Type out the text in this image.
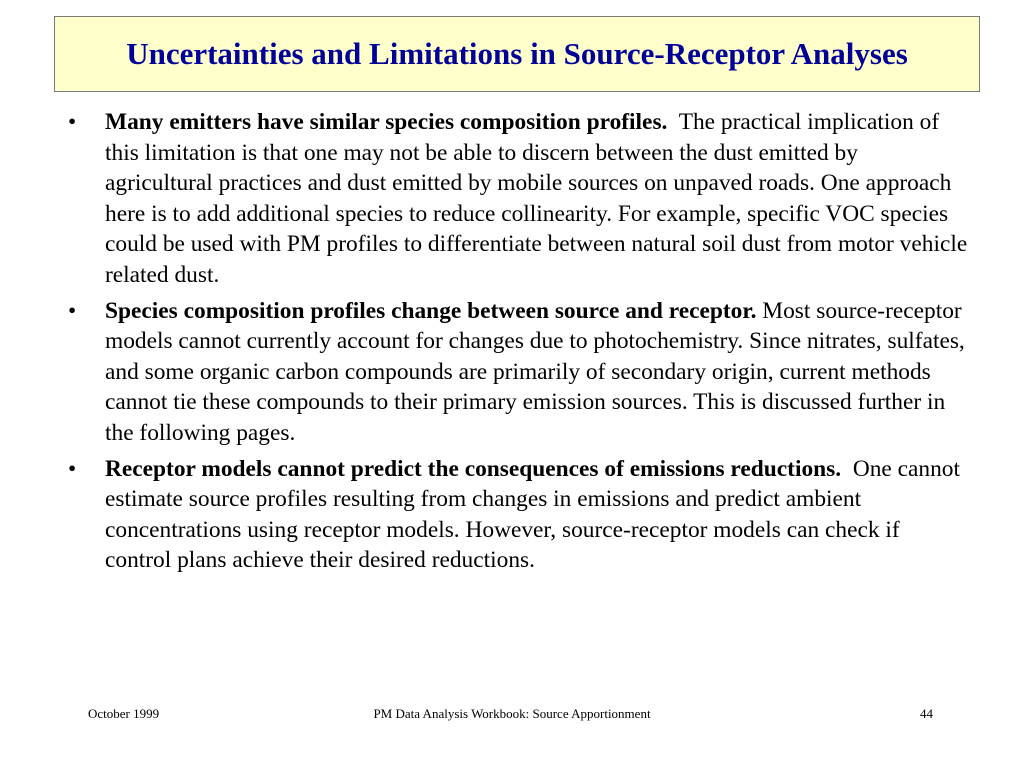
Uncertainties and Limitations in Source-Receptor Analyses
• Many emitters have similar species composition profiles. The practical implication of this limitation is that one may not be able to discern between the dust emitted by agricultural practices and dust emitted by mobile sources on unpaved roads. One approach here is to add additional species to reduce collinearity. For example, specific VOC species could be used with PM profiles to differentiate between natural soil dust from motor vehicle related dust.
• Species composition profiles change between source and receptor. Most source-receptor models cannot currently account for changes due to photochemistry. Since nitrates, sulfates, and some organic carbon compounds are primarily of secondary origin, current methods cannot tie these compounds to their primary emission sources. This is discussed further in the following pages.
• Receptor models cannot predict the consequences of emissions reductions. One cannot estimate source profiles resulting from changes in emissions and predict ambient concentrations using receptor models. However, source-receptor models can check if control plans achieve their desired reductions.
PM Data Analysis Workbook: Source Apportionment
October 1999	44
